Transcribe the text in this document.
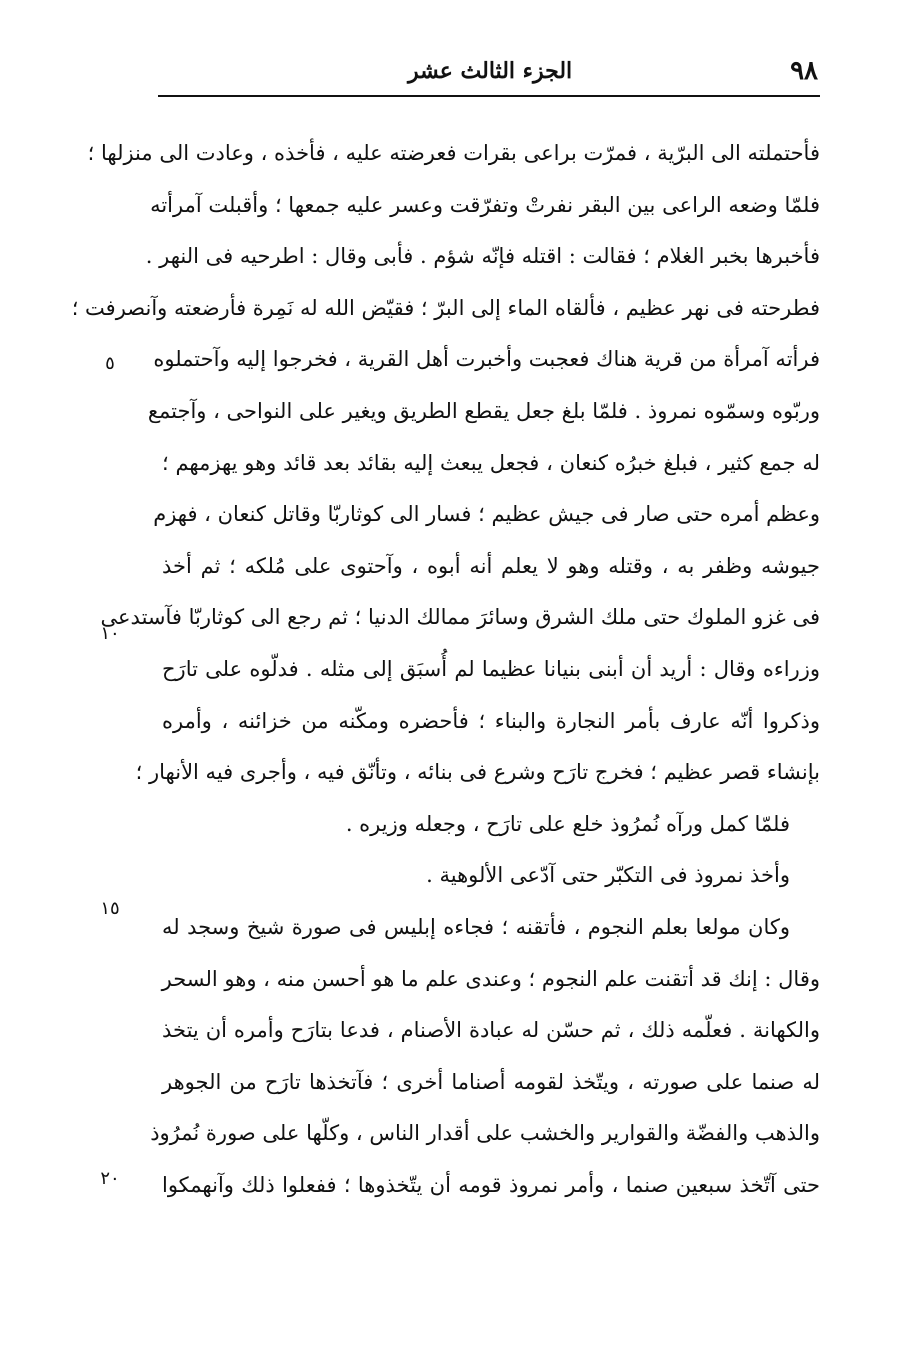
٩٨
الجزء الثالث عشر
فأحتملته الى البرّية ، فمرّت براعى بقرات فعرضته عليه ، فأخذه ، وعادت الى منزلها ؛
فلمّا وضعه الراعى بين البقر نفرتْ وتفرّقت وعسر عليه جمعها ؛ وأقبلت آمرأته
فأخبرها بخبر الغلام ؛ فقالت : اقتله فإنّه شؤم . فأبى وقال : اطرحيه فى النهر .
فطرحته فى نهر عظيم ، فألقاه الماء إلى البرّ ؛ فقيّض الله له نَمِرة فأرضعته وآنصرفت ؛
فرأته آمرأة من قرية هناك فعجبت وأخبرت أهل القرية ، فخرجوا إليه وآحتملوه
وربّوه وسمّوه نمروذ . فلمّا بلغ جعل يقطع الطريق ويغير على النواحى ، وآجتمع
له جمع كثير ، فبلغ خبرُه كنعان ، فجعل يبعث إليه بقائد بعد قائد وهو يهزمهم ؛
وعظم أمره حتى صار فى جيش عظيم ؛ فسار الى كوثاربّا وقاتل كنعان ، فهزم
جيوشه وظفر به ، وقتله وهو لا يعلم أنه أبوه ، وآحتوى على مُلكه ؛ ثم أخذ
فى غزو الملوك حتى ملك الشرق وسائرَ ممالك الدنيا ؛ ثم رجع الى كوثاربّا فآستدعى
وزراءه وقال : أريد أن أبنى بنيانا عظيما لم أُسبَق إلى مثله . فدلّوه على تارَح
وذكروا أنّه عارف بأمر النجارة والبناء ؛ فأحضره ومكّنه من خزائنه ، وأمره
بإنشاء قصر عظيم ؛ فخرج تارَح وشرع فى بنائه ، وتأنّق فيه ، وأجرى فيه الأنهار ؛
فلمّا كمل ورآه نُمرُوذ خلع على تارَح ، وجعله وزيره .
وأخذ نمروذ فى التكبّر حتى آدّعى الألوهية .
وكان مولعا بعلم النجوم ، فأتقنه ؛ فجاءه إبليس فى صورة شيخ وسجد له
وقال : إنك قد أتقنت علم النجوم ؛ وعندى علم ما هو أحسن منه ، وهو السحر
والكهانة . فعلّمه ذلك ، ثم حسّن له عبادة الأصنام ، فدعا بتارَح وأمره أن يتخذ
له صنما على صورته ، ويتّخذ لقومه أصناما أخرى ؛ فآتخذها تارَح من الجوهر
والذهب والفضّة والقوارير والخشب على أقدار الناس ، وكلّها على صورة نُمرُوذ
حتى آتّخذ سبعين صنما ، وأمر نمروذ قومه أن يتّخذوها ؛ ففعلوا ذلك وآنهمكوا
٥
١٠
١٥
٢٠
